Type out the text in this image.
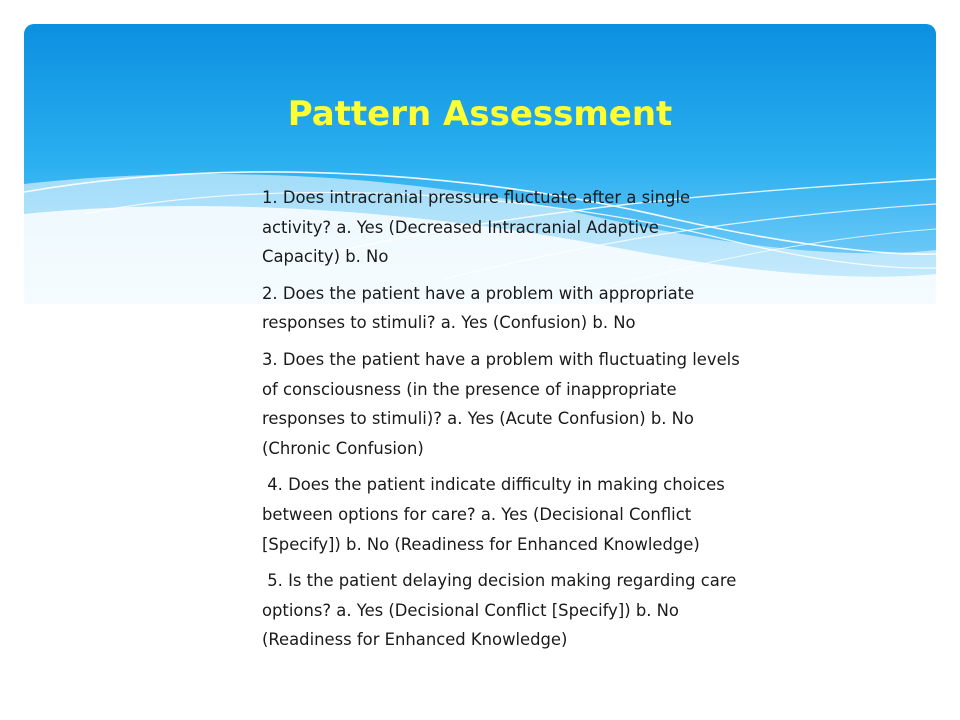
Pattern Assessment
1. Does intracranial pressure fluctuate after a single activity? a. Yes (Decreased Intracranial Adaptive Capacity) b. No
2. Does the patient have a problem with appropriate responses to stimuli? a. Yes (Confusion) b. No
3. Does the patient have a problem with fluctuating levels of consciousness (in the presence of inappropriate responses to stimuli)? a. Yes (Acute Confusion) b. No (Chronic Confusion)
4. Does the patient indicate difficulty in making choices between options for care? a. Yes (Decisional Conflict [Specify]) b. No (Readiness for Enhanced Knowledge)
5. Is the patient delaying decision making regarding care options? a. Yes (Decisional Conflict [Specify]) b. No (Readiness for Enhanced Knowledge)
